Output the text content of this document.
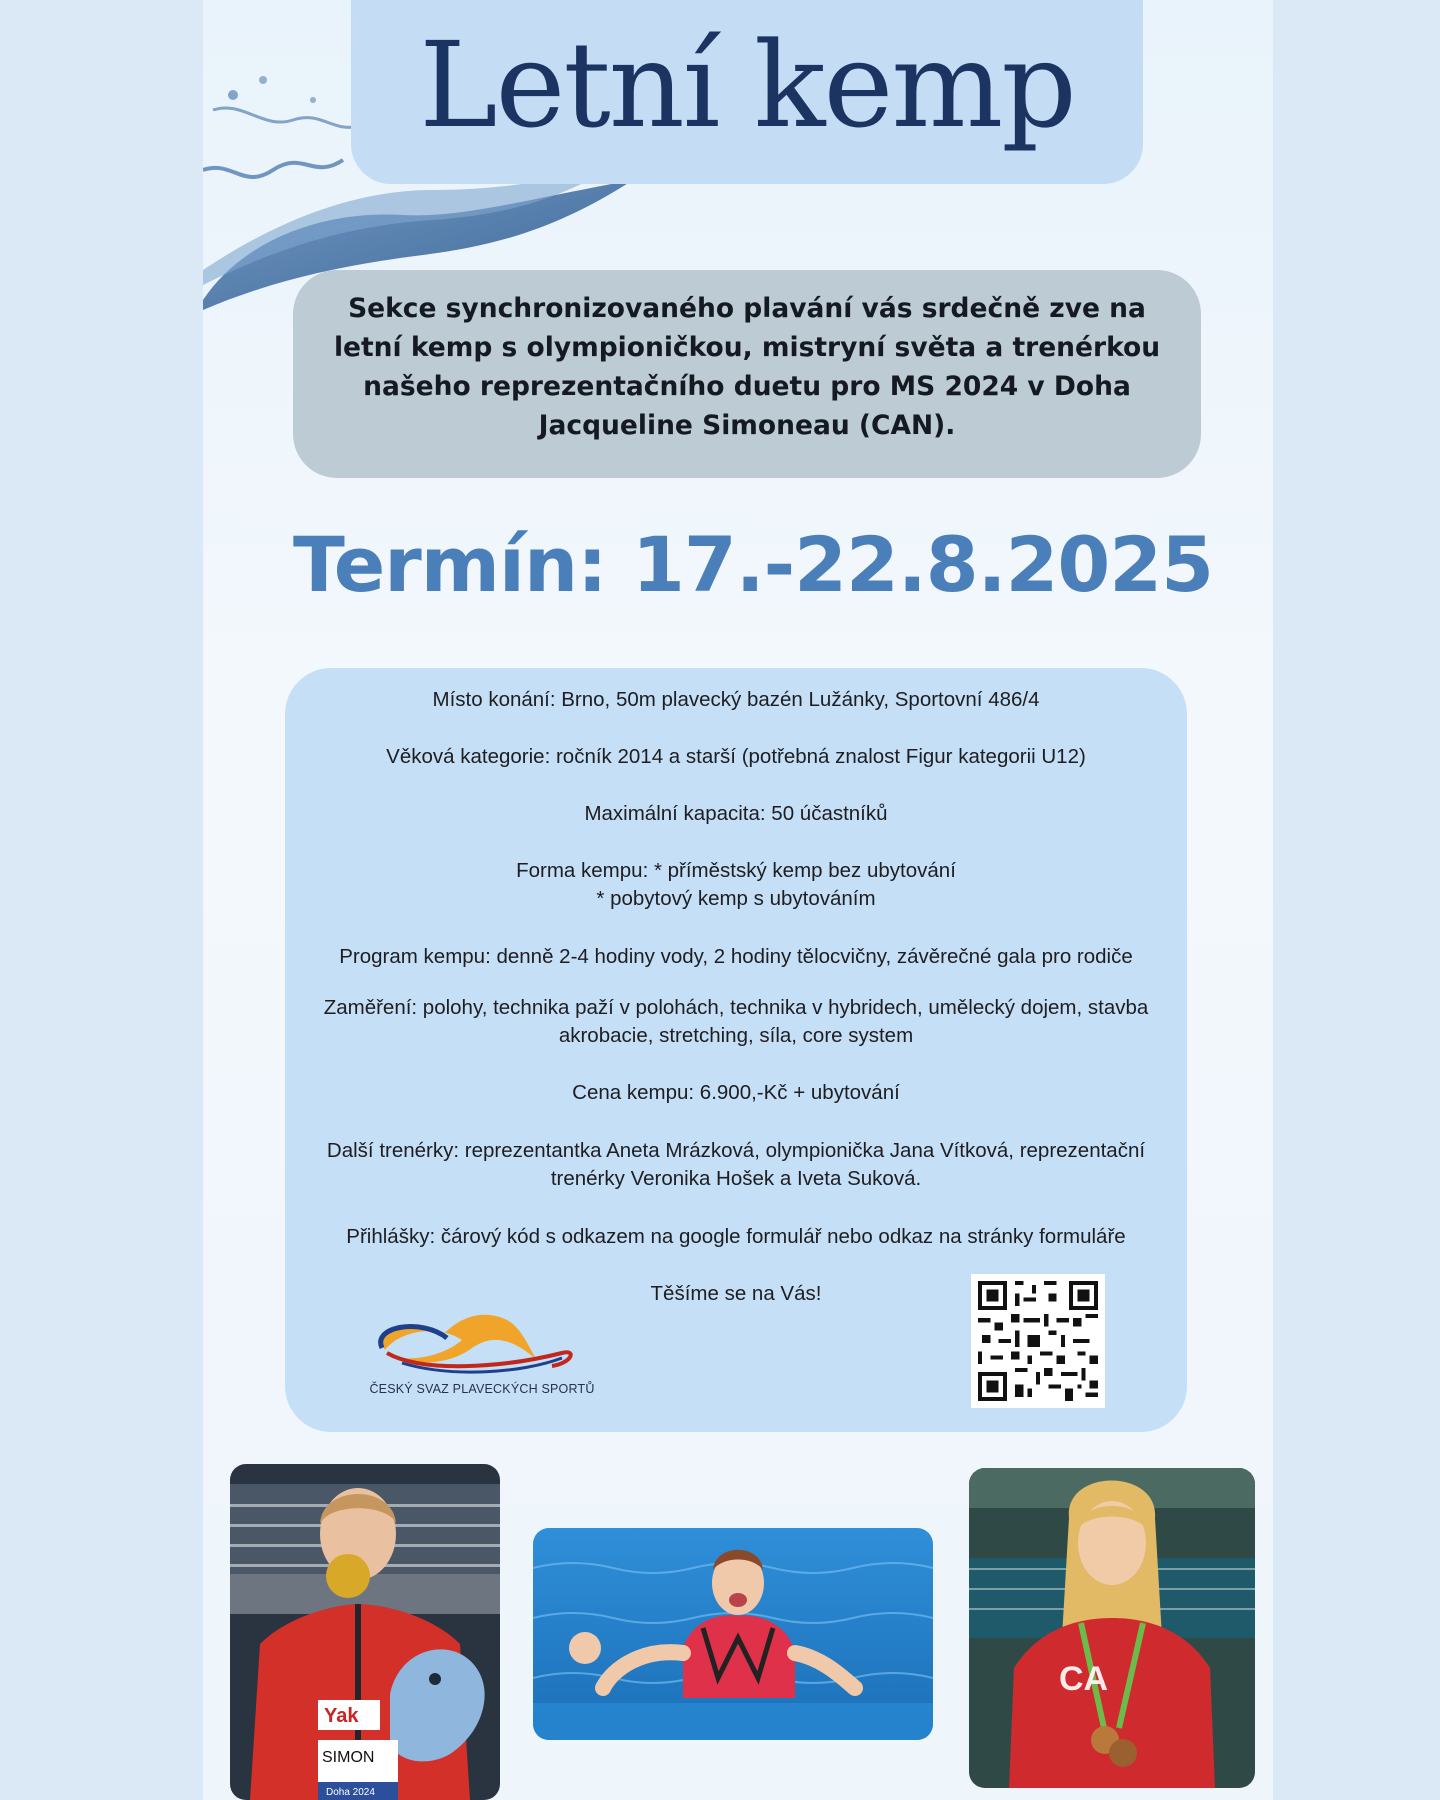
Letní kemp
Sekce synchronizovaného plavání vás srdečně zve na letní kemp s olympioničkou, mistryní světa a trenérkou našeho reprezentačního duetu pro MS 2024 v Doha Jacqueline Simoneau (CAN).
Termín: 17.-22.8.2025
Místo konání: Brno, 50m plavecký bazén Lužánky, Sportovní 486/4
Věková kategorie: ročník 2014 a starší (potřebná znalost Figur kategorii U12)
Maximální kapacita: 50 účastníků
Forma kempu: * příměstský kemp bez ubytování
* pobytový kemp s ubytováním
Program kempu: denně 2-4 hodiny vody, 2 hodiny tělocvičny, závěrečné gala pro rodiče
Zaměření: polohy, technika paží v polohách, technika v hybridech, umělecký dojem, stavba
akrobacie, stretching, síla, core system
Cena kempu: 6.900,-Kč + ubytování
Další trenérky: reprezentantka Aneta Mrázková, olympionička Jana Vítková, reprezentační
trenérky Veronika Hošek a Iveta Suková.
Přihlášky: čárový kód s odkazem na google formulář nebo odkaz na stránky formuláře
Těšíme se na Vás!
ČESKÝ SVAZ PLAVECKÝCH SPORTŮ
Yak
SIMON
Doha 2024
CA
